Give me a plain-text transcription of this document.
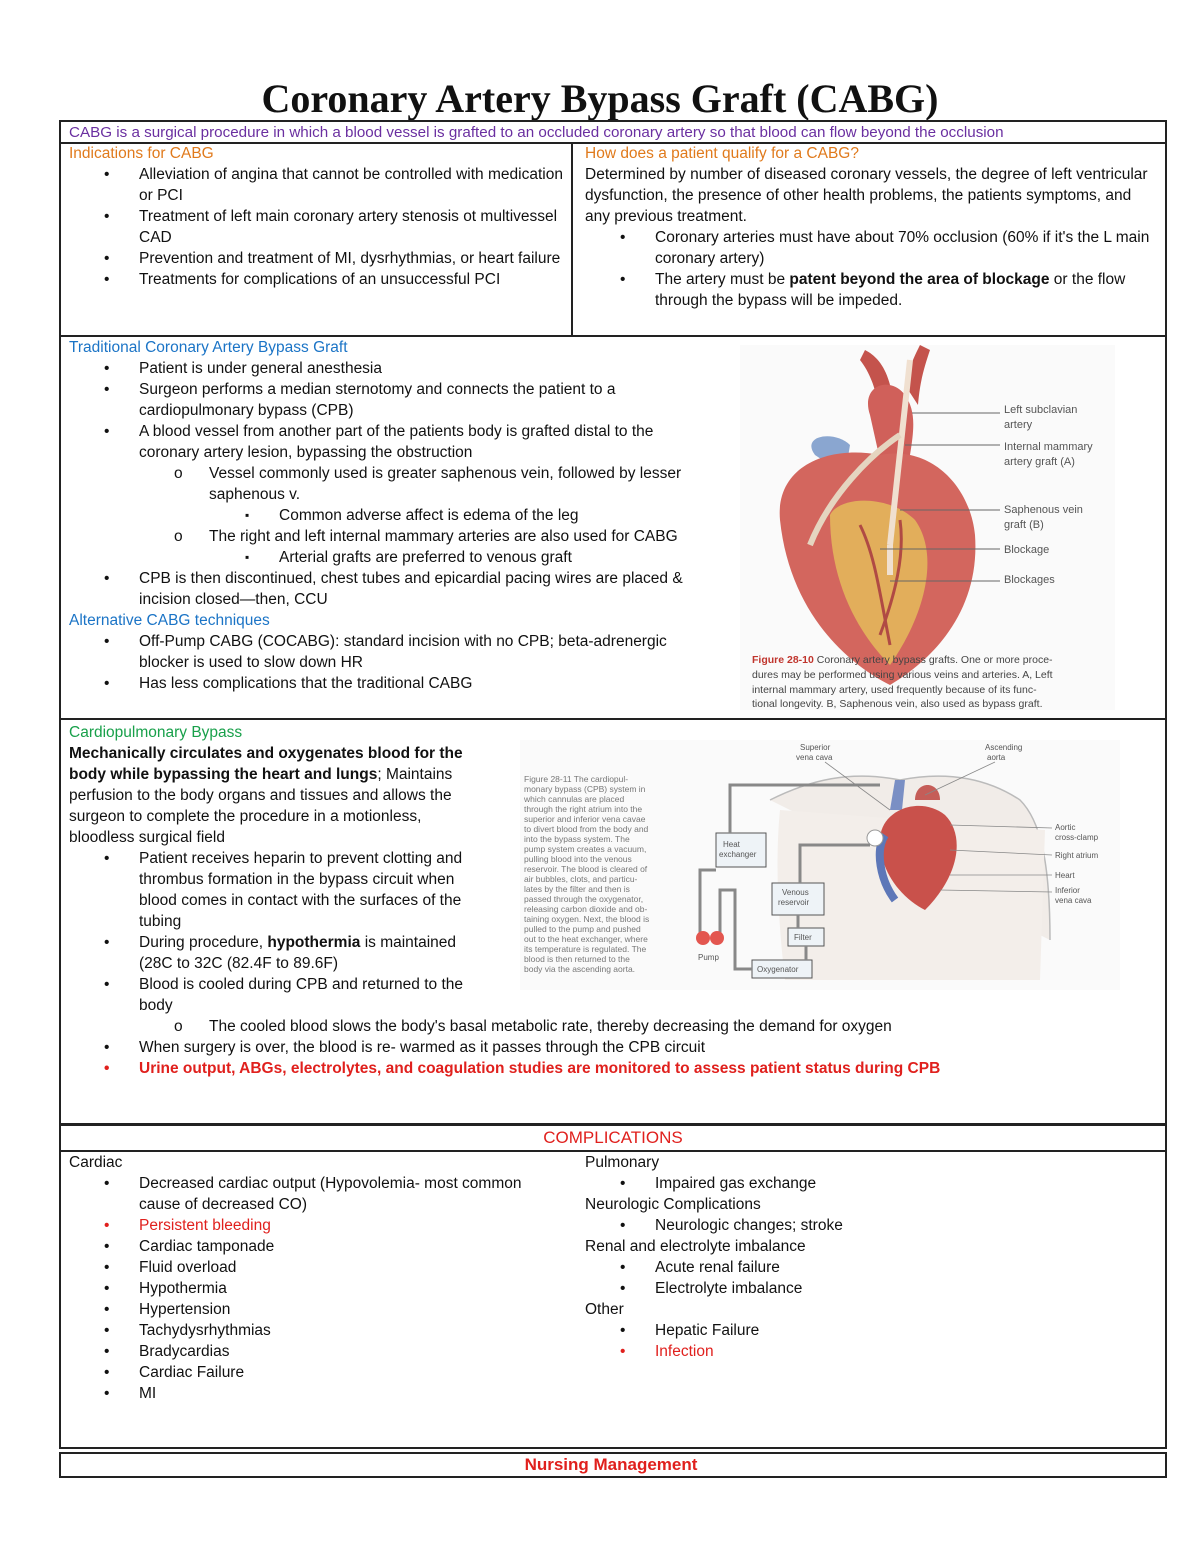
Coronary Artery Bypass Graft (CABG)
CABG is a surgical procedure in which a blood vessel is grafted to an occluded coronary artery so that blood can flow beyond the occlusion
Indications for CABG
• Alleviation of angina that cannot be controlled with medication or PCI
• Treatment of left main coronary artery stenosis ot multivessel CAD
• Prevention and treatment of MI, dysrhythmias, or heart failure
• Treatments for complications of an unsuccessful PCI
How does a patient qualify for a CABG?
Determined by number of diseased coronary vessels, the degree of left ventricular dysfunction, the presence of other health problems, the patients symptoms, and any previous treatment.
• Coronary arteries must have about 70% occlusion (60% if it's the L main coronary artery)
• The artery must be patent beyond the area of blockage or the flow through the bypass will be impeded.
Traditional Coronary Artery Bypass Graft
• Patient is under general anesthesia
• Surgeon performs a median sternotomy and connects the patient to a cardiopulmonary bypass (CPB)
• A blood vessel from another part of the patients body is grafted distal to the coronary artery lesion, bypassing the obstruction
o Vessel commonly used is greater saphenous vein, followed by lesser saphenous v.
▪ Common adverse affect is edema of the leg
o The right and left internal mammary arteries are also used for CABG
▪ Arterial grafts are preferred to venous graft
• CPB is then discontinued, chest tubes and epicardial pacing wires are placed & incision closed—then, CCU
Alternative CABG techniques
• Off-Pump CABG (COCABG): standard incision with no CPB; beta-adrenergic blocker is used to slow down HR
• Has less complications that the traditional CABG
Left subclavian
artery
Internal mammary
artery graft (A)
Saphenous vein
graft (B)
Blockage
Blockages
Figure 28-10 Coronary artery bypass grafts. One or more proce-
dures may be performed using various veins and arteries. A, Left
internal mammary artery, used frequently because of its func-
tional longevity. B, Saphenous vein, also used as bypass graft.
Cardiopulmonary Bypass
Mechanically circulates and oxygenates blood for the body while bypassing the heart and lungs; Maintains perfusion to the body organs and tissues and allows the surgeon to complete the procedure in a motionless, bloodless surgical field
• Patient receives heparin to prevent clotting and thrombus formation in the bypass circuit when blood comes in contact with the surfaces of the tubing
• During procedure, hypothermia is maintained (28C to 32C (82.4F to 89.6F)
• Blood is cooled during CPB and returned to the body
o The cooled blood slows the body's basal metabolic rate, thereby decreasing the demand for oxygen
• When surgery is over, the blood is re- warmed as it passes through the CPB circuit
• Urine output, ABGs, electrolytes, and coagulation studies are monitored to assess patient status during CPB
Figure 28-11 The cardiopul-
monary bypass (CPB) system in
which cannulas are placed
through the right atrium into the
superior and inferior vena cavae
to divert blood from the body and
into the bypass system. The
pump system creates a vacuum,
pulling blood into the venous
reservoir. The blood is cleared of
air bubbles, clots, and particu-
lates by the filter and then is
passed through the oxygenator,
releasing carbon dioxide and ob-
taining oxygen. Next, the blood is
pulled to the pump and pushed
out to the heat exchanger, where
its temperature is regulated. The
blood is then returned to the
body via the ascending aorta.
Heat
exchanger
Venous
reservoir
Filter
Oxygenator
Pump
Superior
vena cava
Ascending
aorta
Aortic
cross-clamp
Right atrium
Heart
Inferior
vena cava
COMPLICATIONS
Cardiac
• Decreased cardiac output (Hypovolemia- most common cause of decreased CO)
• Persistent bleeding
• Cardiac tamponade
• Fluid overload
• Hypothermia
• Hypertension
• Tachydysrhythmias
• Bradycardias
• Cardiac Failure
• MI
Pulmonary
• Impaired gas exchange
Neurologic Complications
• Neurologic changes; stroke
Renal and electrolyte imbalance
• Acute renal failure
• Electrolyte imbalance
Other
• Hepatic Failure
• Infection
Nursing Management
